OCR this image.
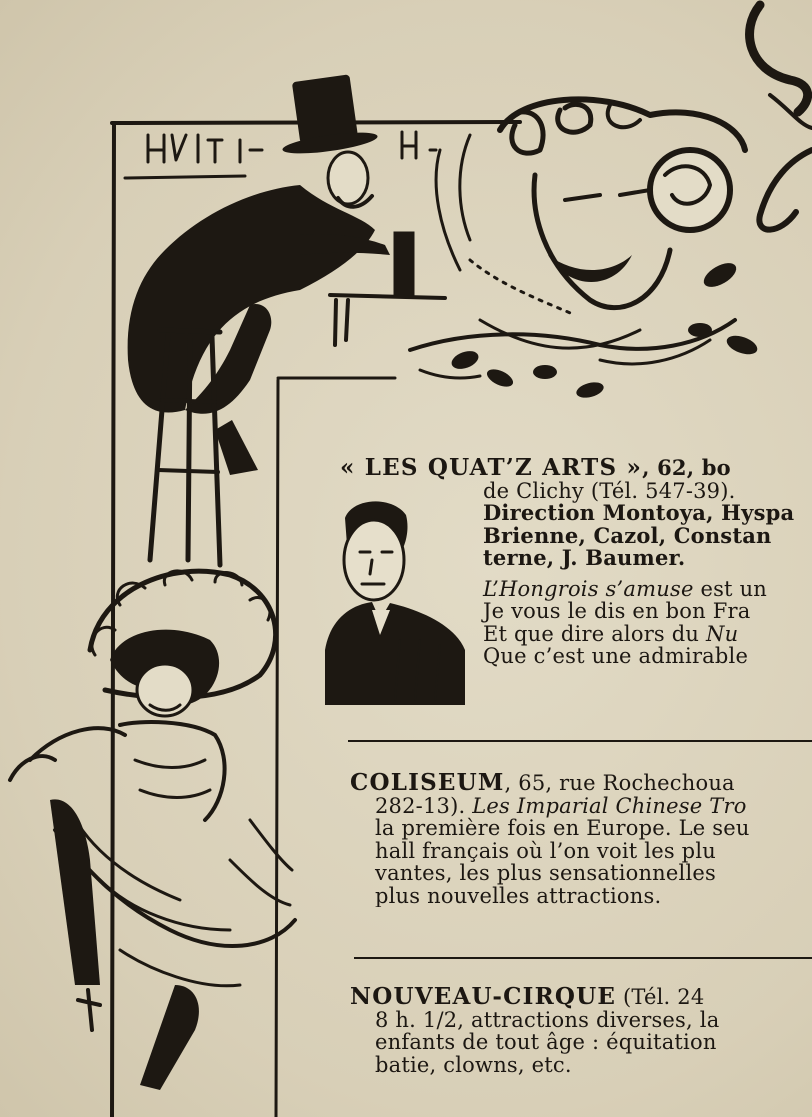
« LES QUAT’Z ARTS », 62, bo
de Clichy (Tél. 547-39).
Direction Montoya, Hyspa
Brienne, Cazol, Constan
terne, J. Baumer.
L’Hongrois s’amuse est un
Je vous le dis en bon Fra
Et que dire alors du Nu
Que c’est une admirable
COLISEUM, 65, rue Rochechoua
282-13). Les Imparial Chinese Tro
la première fois en Europe. Le seu
hall français où l’on voit les plu
vantes, les plus sensationnelles
plus nouvelles attractions.
NOUVEAU-CIRQUE (Tél. 24
8 h. 1/2, attractions diverses, la
enfants de tout âge : équitation
batie, clowns, etc.
